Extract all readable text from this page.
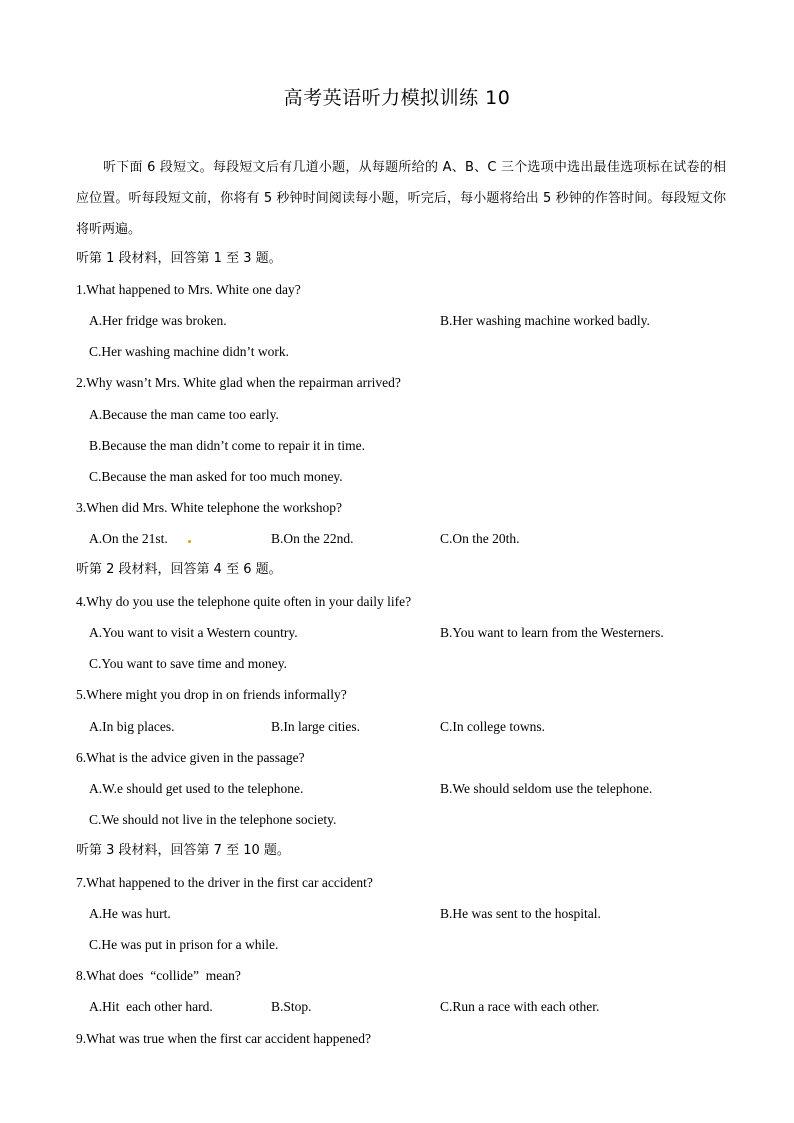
高考英语听力模拟训练 10
听下面 6 段短文。每段短文后有几道小题，从每题所给的 A、B、C 三个选项中选出最佳选项标在试卷的相应位置。听每段短文前，你将有 5 秒钟时间阅读每小题，听完后，每小题将给出 5 秒钟的作答时间。每段短文你将听两遍。
听第 1 段材料，回答第 1 至 3 题。
1.What happened to Mrs. White one day?
A.Her fridge was broken.	B.Her washing machine worked badly.
C.Her washing machine didn’t work.
2.Why wasn’t Mrs. White glad when the repairman arrived?
A.Because the man came too early.
B.Because the man didn’t come to repair it in time.
C.Because the man asked for too much money.
3.When did Mrs. White telephone the workshop?
A.On the 21st.	B.On the 22nd.	C.On the 20th.
听第 2 段材料，回答第 4 至 6 题。
4.Why do you use the telephone quite often in your daily life?
A.You want to visit a Western country.	B.You want to learn from the Westerners.
C.You want to save time and money.
5.Where might you drop in on friends informally?
A.In big places.	B.In large cities.	C.In college towns.
6.What is the advice given in the passage?
A.W.e should get used to the telephone.	B.We should seldom use the telephone.
C.We should not live in the telephone society.
听第 3 段材料，回答第 7 至 10 题。
7.What happened to the driver in the first car accident?
A.He was hurt.	B.He was sent to the hospital.
C.He was put in prison for a while.
8.What does  “collide”  mean?
A.Hit  each other hard.	B.Stop.	C.Run a race with each other.
9.What was true when the first car accident happened?
